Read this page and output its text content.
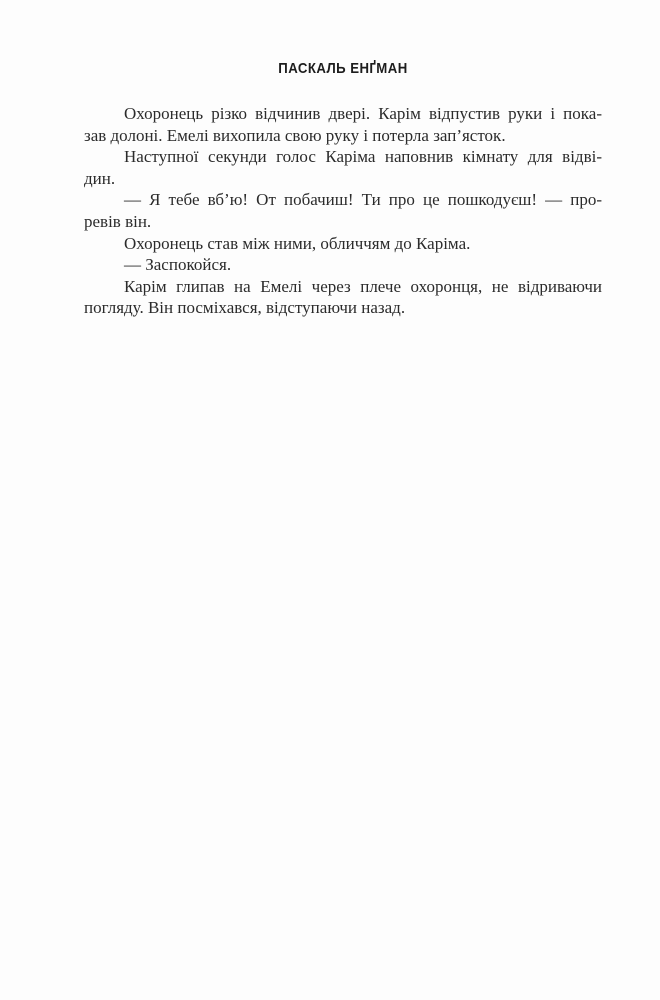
ПАСКАЛЬ ЕНҐМАН
Охоронець різко відчинив двері. Карім відпустив руки і пока-
зав долоні. Емелі вихопила свою руку і потерла зап’ясток.
Наступної секунди голос Каріма наповнив кімнату для відві-
дин.
— Я тебе вб’ю! От побачиш! Ти про це пошкодуєш! — про-
ревів він.
Охоронець став між ними, обличчям до Каріма.
— Заспокойся.
Карім глипав на Емелі через плече охоронця, не відриваючи
погляду. Він посміхався, відступаючи назад.
